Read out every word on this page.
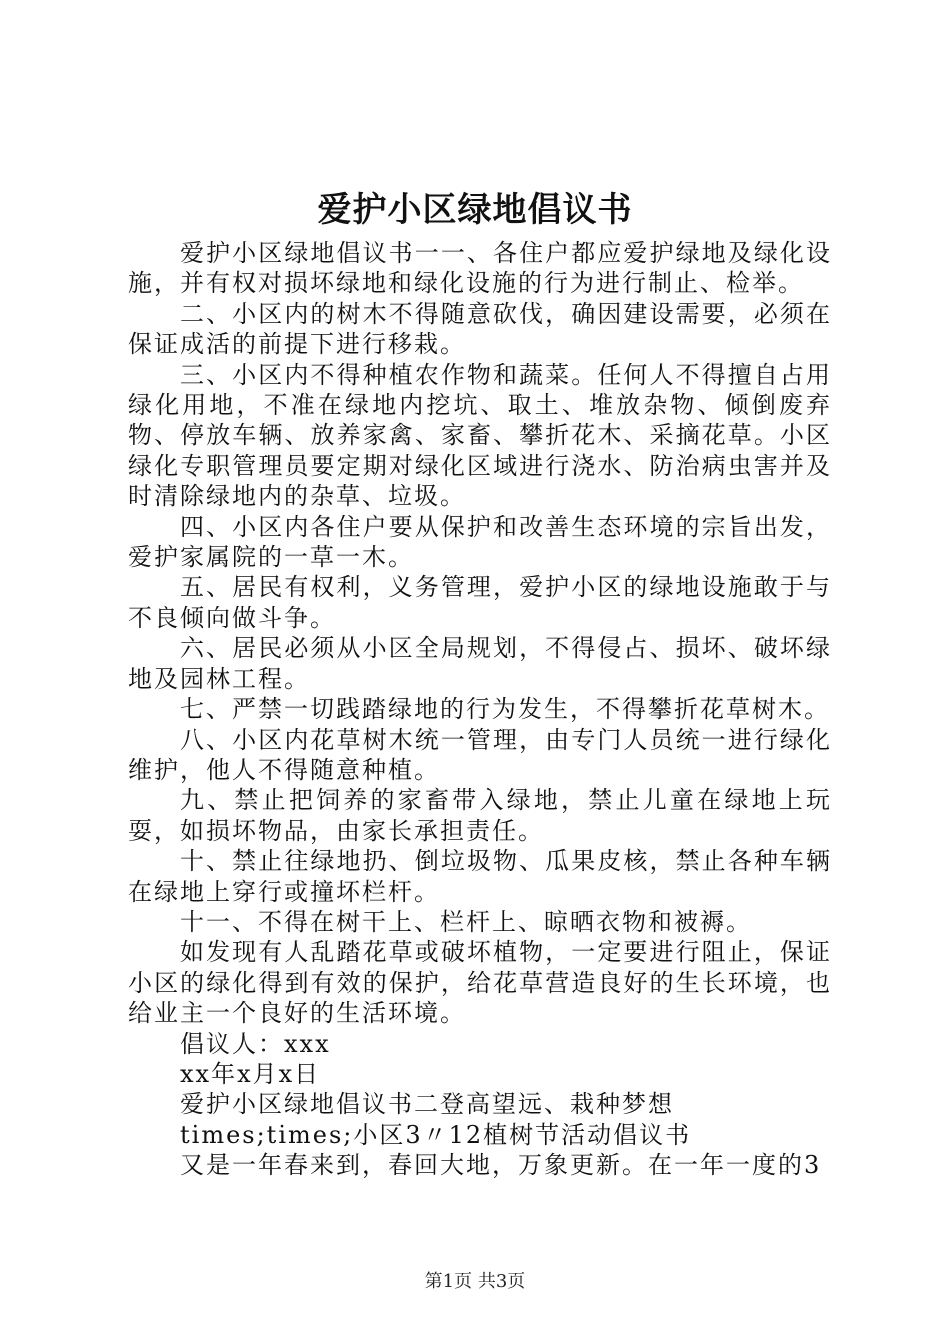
爱护小区绿地倡议书

爱护小区绿地倡议书一一、各住户都应爱护绿地及绿化设施，并有权对损坏绿地和绿化设施的行为进行制止、检举。

二、小区内的树木不得随意砍伐，确因建设需要，必须在保证成活的前提下进行移栽。

三、小区内不得种植农作物和蔬菜。任何人不得擅自占用绿化用地，不准在绿地内挖坑、取土、堆放杂物、倾倒废弃物、停放车辆、放养家禽、家畜、攀折花木、采摘花草。小区绿化专职管理员要定期对绿化区域进行浇水、防治病虫害并及时清除绿地内的杂草、垃圾。

四、小区内各住户要从保护和改善生态环境的宗旨出发，爱护家属院的一草一木。

五、居民有权利，义务管理，爱护小区的绿地设施敢于与不良倾向做斗争。

六、居民必须从小区全局规划，不得侵占、损坏、破坏绿地及园林工程。

七、严禁一切践踏绿地的行为发生，不得攀折花草树木。

八、小区内花草树木统一管理，由专门人员统一进行绿化维护，他人不得随意种植。

九、禁止把饲养的家畜带入绿地，禁止儿童在绿地上玩耍，如损坏物品，由家长承担责任。

十、禁止往绿地扔、倒垃圾物、瓜果皮核，禁止各种车辆在绿地上穿行或撞坏栏杆。

十一、不得在树干上、栏杆上、晾晒衣物和被褥。

如发现有人乱踏花草或破坏植物，一定要进行阻止，保证小区的绿化得到有效的保护，给花草营造良好的生长环境，也给业主一个良好的生活环境。

倡议人：xxx

xx年x月x日

爱护小区绿地倡议书二登高望远、栽种梦想

times;times;小区3〃12植树节活动倡议书

又是一年春来到，春回大地，万象更新。在一年一度的3

第1页 共3页
